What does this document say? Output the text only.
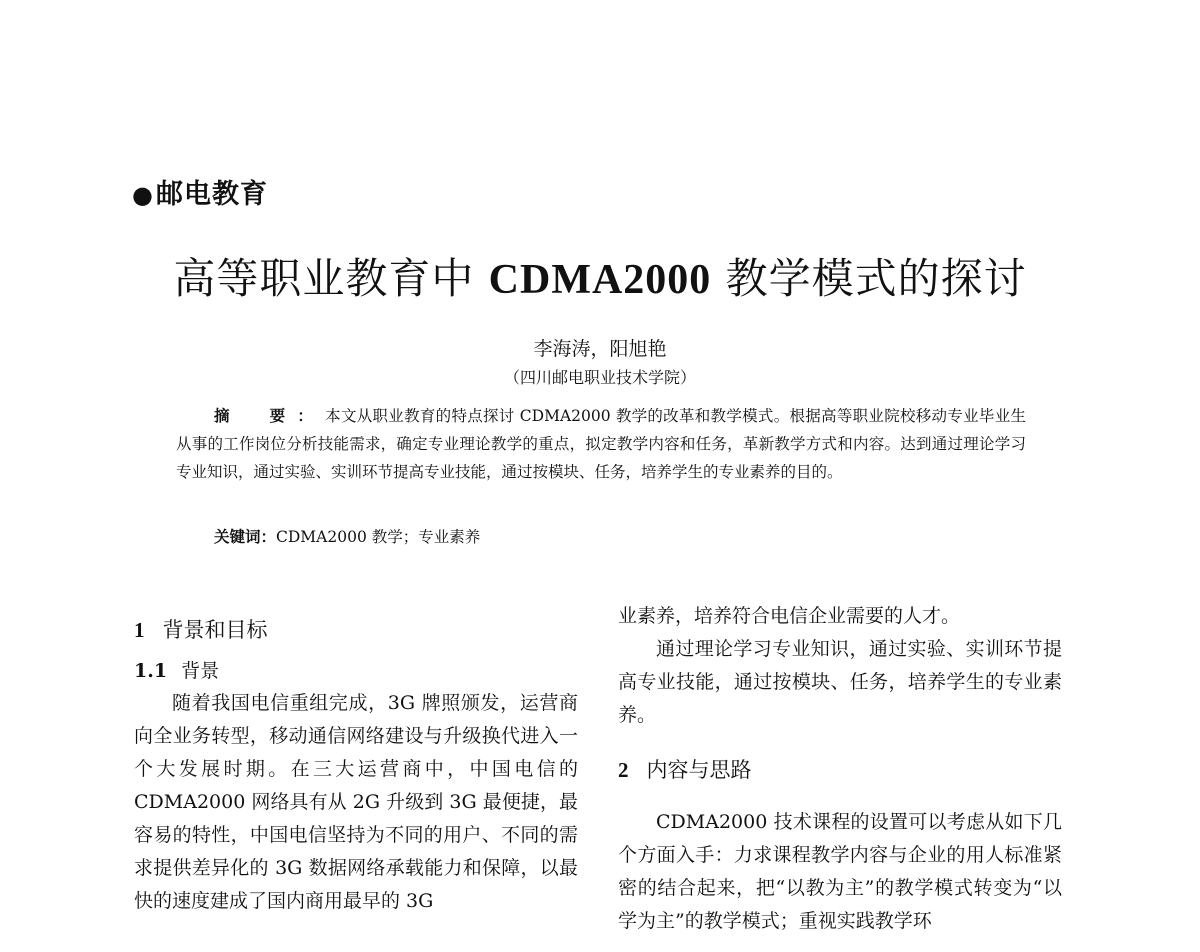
●邮电教育
高等职业教育中 CDMA2000 教学模式的探讨
李海涛，阳旭艳
（四川邮电职业技术学院）
摘　要：本文从职业教育的特点探讨 CDMA2000 教学的改革和教学模式。根据高等职业院校移动专业毕业生从事的工作岗位分析技能需求，确定专业理论教学的重点，拟定教学内容和任务，革新教学方式和内容。达到通过理论学习专业知识，通过实验、实训环节提高专业技能，通过按模块、任务，培养学生的专业素养的目的。
关键词：CDMA2000 教学；专业素养
1 背景和目标
1.1 背景

随着我国电信重组完成，3G 牌照颁发，运营商向全业务转型，移动通信网络建设与升级换代进入一个大发展时期。在三大运营商中，中国电信的 CDMA2000 网络具有从 2G 升级到 3G 最便捷，最容易的特性，中国电信坚持为不同的用户、不同的需求提供差异化的 3G 数据网络承载能力和保障，以最快的速度建成了国内商用最早的 3G

业素养，培养符合电信企业需要的人才。

通过理论学习专业知识，通过实验、实训环节提高专业技能，通过按模块、任务，培养学生的专业素养。

2 内容与思路

CDMA2000 技术课程的设置可以考虑从如下几个方面入手：力求课程教学内容与企业的用人标准紧密的结合起来，把“以教为主”的教学模式转变为“以学为主”的教学模式；重视实践教学环
